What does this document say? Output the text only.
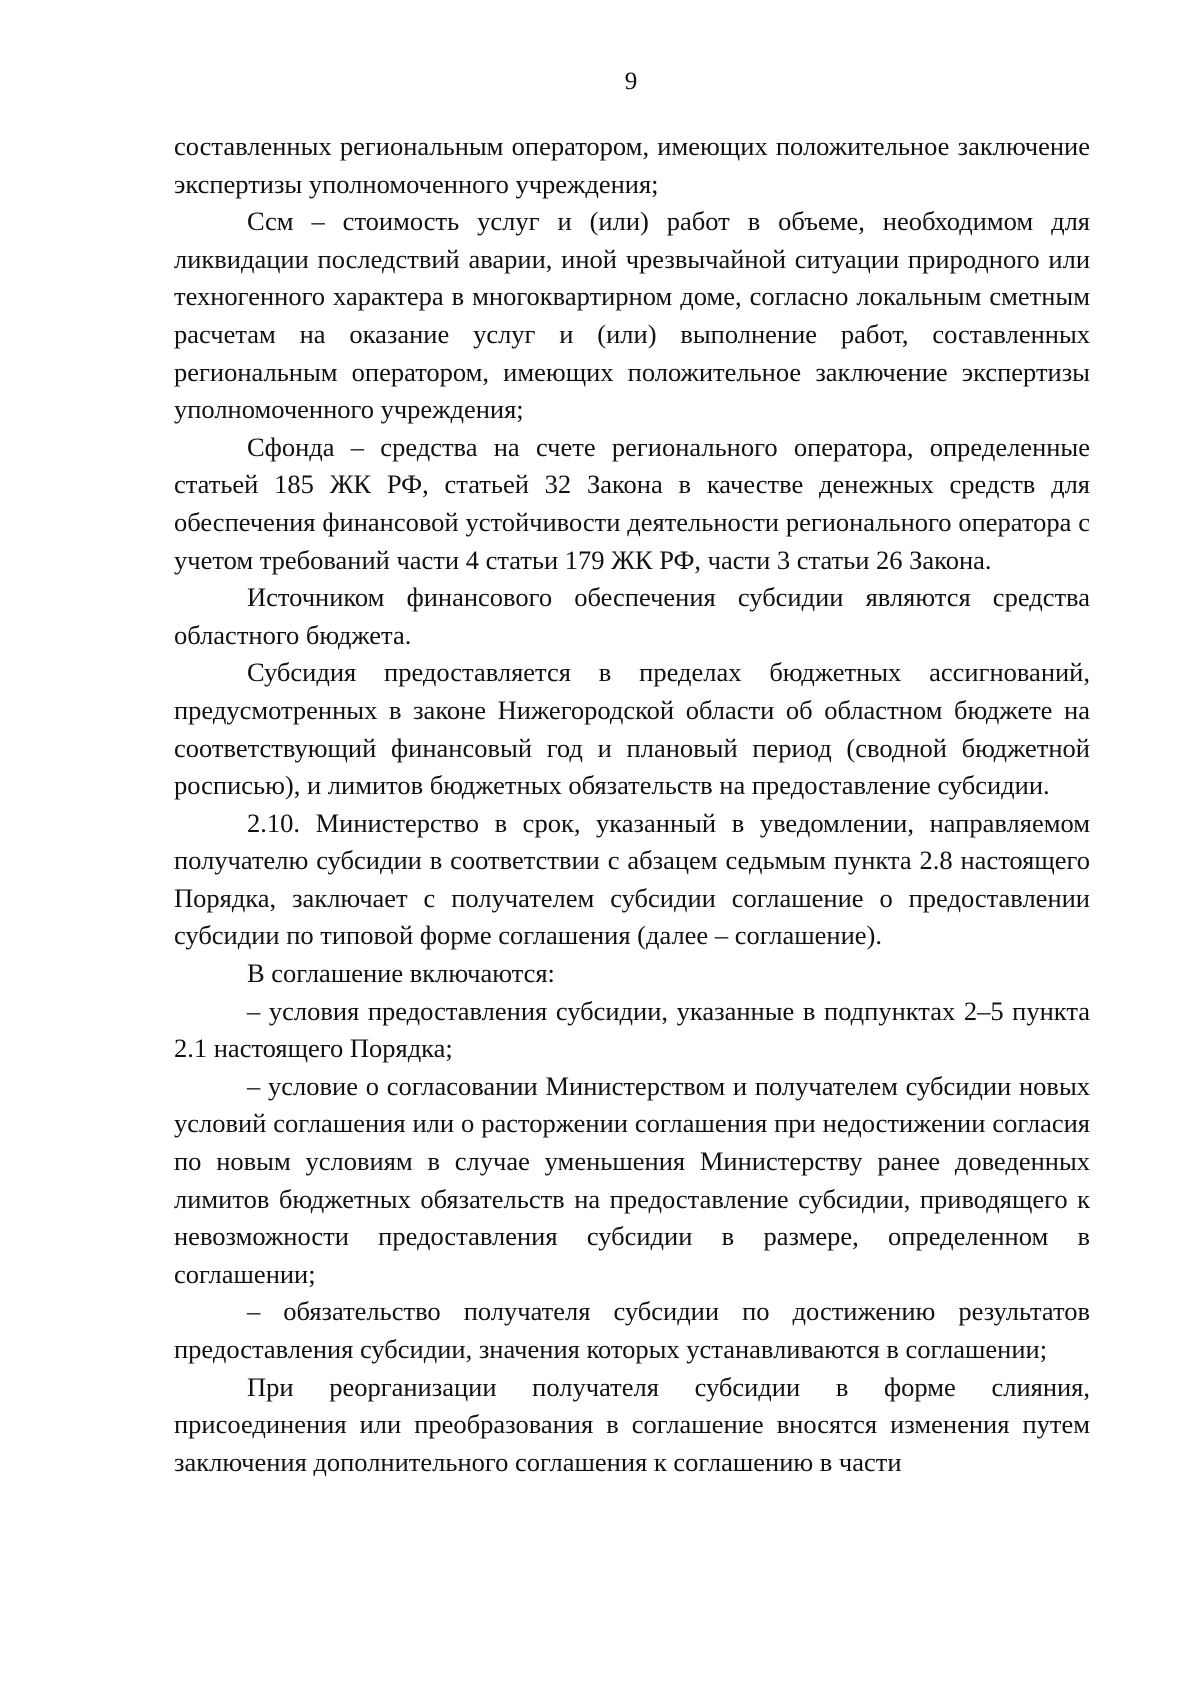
9

составленных региональным оператором, имеющих положительное заключение экспертизы уполномоченного учреждения;

Ссм – стоимость услуг и (или) работ в объеме, необходимом для ликвидации последствий аварии, иной чрезвычайной ситуации природного или техногенного характера в многоквартирном доме, согласно локальным сметным расчетам на оказание услуг и (или) выполнение работ, составленных региональным оператором, имеющих положительное заключение экспертизы уполномоченного учреждения;

Сфонда – средства на счете регионального оператора, определенные статьей 185 ЖК РФ, статьей 32 Закона в качестве денежных средств для обеспечения финансовой устойчивости деятельности регионального оператора с учетом требований части 4 статьи 179 ЖК РФ, части 3 статьи 26 Закона.

Источником финансового обеспечения субсидии являются средства областного бюджета.

Субсидия предоставляется в пределах бюджетных ассигнований, предусмотренных в законе Нижегородской области об областном бюджете на соответствующий финансовый год и плановый период (сводной бюджетной росписью), и лимитов бюджетных обязательств на предоставление субсидии.

2.10. Министерство в срок, указанный в уведомлении, направляемом получателю субсидии в соответствии с абзацем седьмым пункта 2.8 настоящего Порядка, заключает с получателем субсидии соглашение о предоставлении субсидии по типовой форме соглашения (далее – соглашение).

В соглашение включаются:

– условия предоставления субсидии, указанные в подпунктах 2–5 пункта 2.1 настоящего Порядка;

– условие о согласовании Министерством и получателем субсидии новых условий соглашения или о расторжении соглашения при недостижении согласия по новым условиям в случае уменьшения Министерству ранее доведенных лимитов бюджетных обязательств на предоставление субсидии, приводящего к невозможности предоставления субсидии в размере, определенном в соглашении;

– обязательство получателя субсидии по достижению результатов предоставления субсидии, значения которых устанавливаются в соглашении;

При реорганизации получателя субсидии в форме слияния, присоединения или преобразования в соглашение вносятся изменения путем заключения дополнительного соглашения к соглашению в части
